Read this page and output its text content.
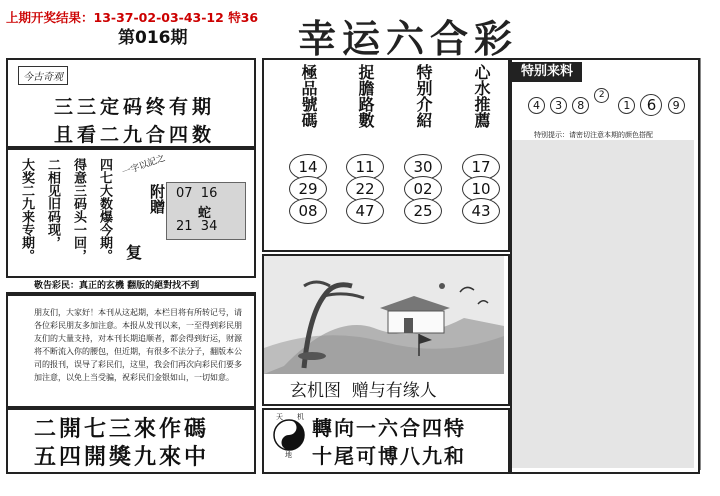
上期开奖结果：13-37-02-03-43-12 特36
第016期	幸运六合彩
今古奇观
三三定码终有期
且看二九合四数
大奖二九来专期。 二相见旧码现， 得意三码头一回， 四七大数爆今期。 一字以記之
复
附贈 07  16
蛇
21  34
敬告彩民：真正的玄機 翻版的絕對找不到
朋友们，大家好！本刊从这起期，本栏目将有所转记号，请各位彩民朋友多加注意。本报从发刊以来，一至得到彩民朋友们的大量支持，对本刊长期追顺者，都会得到好运，财源将不断流入你的腰包，但近期，有很多不法分子，翻版本公司的报刊，误导了彩民们，这里，我会们再次向彩民们要多加注意，以免上当受骗，祝彩民们金银如山，一切如意。
二開七三來作碼
五四開獎九來中
極品號碼 捉膽路數 特别介紹 心水推薦
14
29
08
11
22
47
30
02
25
17
10
43
玄机图  赠与有缘人
天 机
地
轉向一六合四特
十尾可博八九和
特别来料
4 3 8 2 1 6 9
特别提示：请密切注意本期的颜色搭配
